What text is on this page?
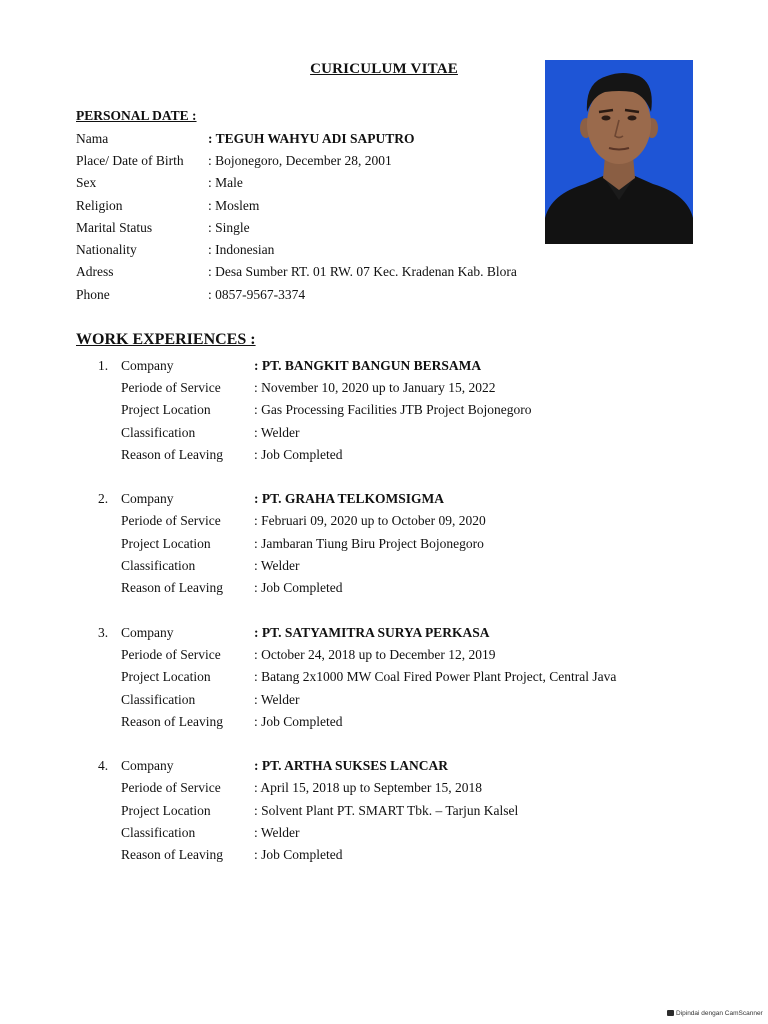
CURICULUM VITAE
PERSONAL DATE :
Nama	: TEGUH WAHYU ADI SAPUTRO
Place/ Date of Birth : Bojonegoro, December 28, 2001
Sex	: Male
Religion	: Moslem
Marital Status	: Single
Nationality	: Indonesian
Adress	: Desa Sumber RT. 01 RW. 07 Kec. Kradenan Kab. Blora
Phone	: 0857-9567-3374
WORK EXPERIENCES :
1. Company	: PT. BANGKIT BANGUN BERSAMA
Periode of Service : November 10, 2020 up to January 15, 2022
Project Location	: Gas Processing Facilities JTB Project Bojonegoro
Classification	: Welder
Reason of Leaving : Job Completed
2. Company	: PT. GRAHA TELKOMSIGMA
Periode of Service : Februari 09, 2020 up to October 09, 2020
Project Location	: Jambaran Tiung Biru Project Bojonegoro
Classification	: Welder
Reason of Leaving : Job Completed
3. Company	: PT. SATYAMITRA SURYA PERKASA
Periode of Service : October 24, 2018 up to December 12, 2019
Project Location	: Batang 2x1000 MW Coal Fired Power Plant Project, Central Java
Classification	: Welder
Reason of Leaving : Job Completed
4. Company	: PT. ARTHA SUKSES LANCAR
Periode of Service : April 15, 2018 up to September 15, 2018
Project Location	: Solvent Plant PT. SMART Tbk. – Tarjun Kalsel
Classification	: Welder
Reason of Leaving : Job Completed
Dipindai dengan CamScanner
